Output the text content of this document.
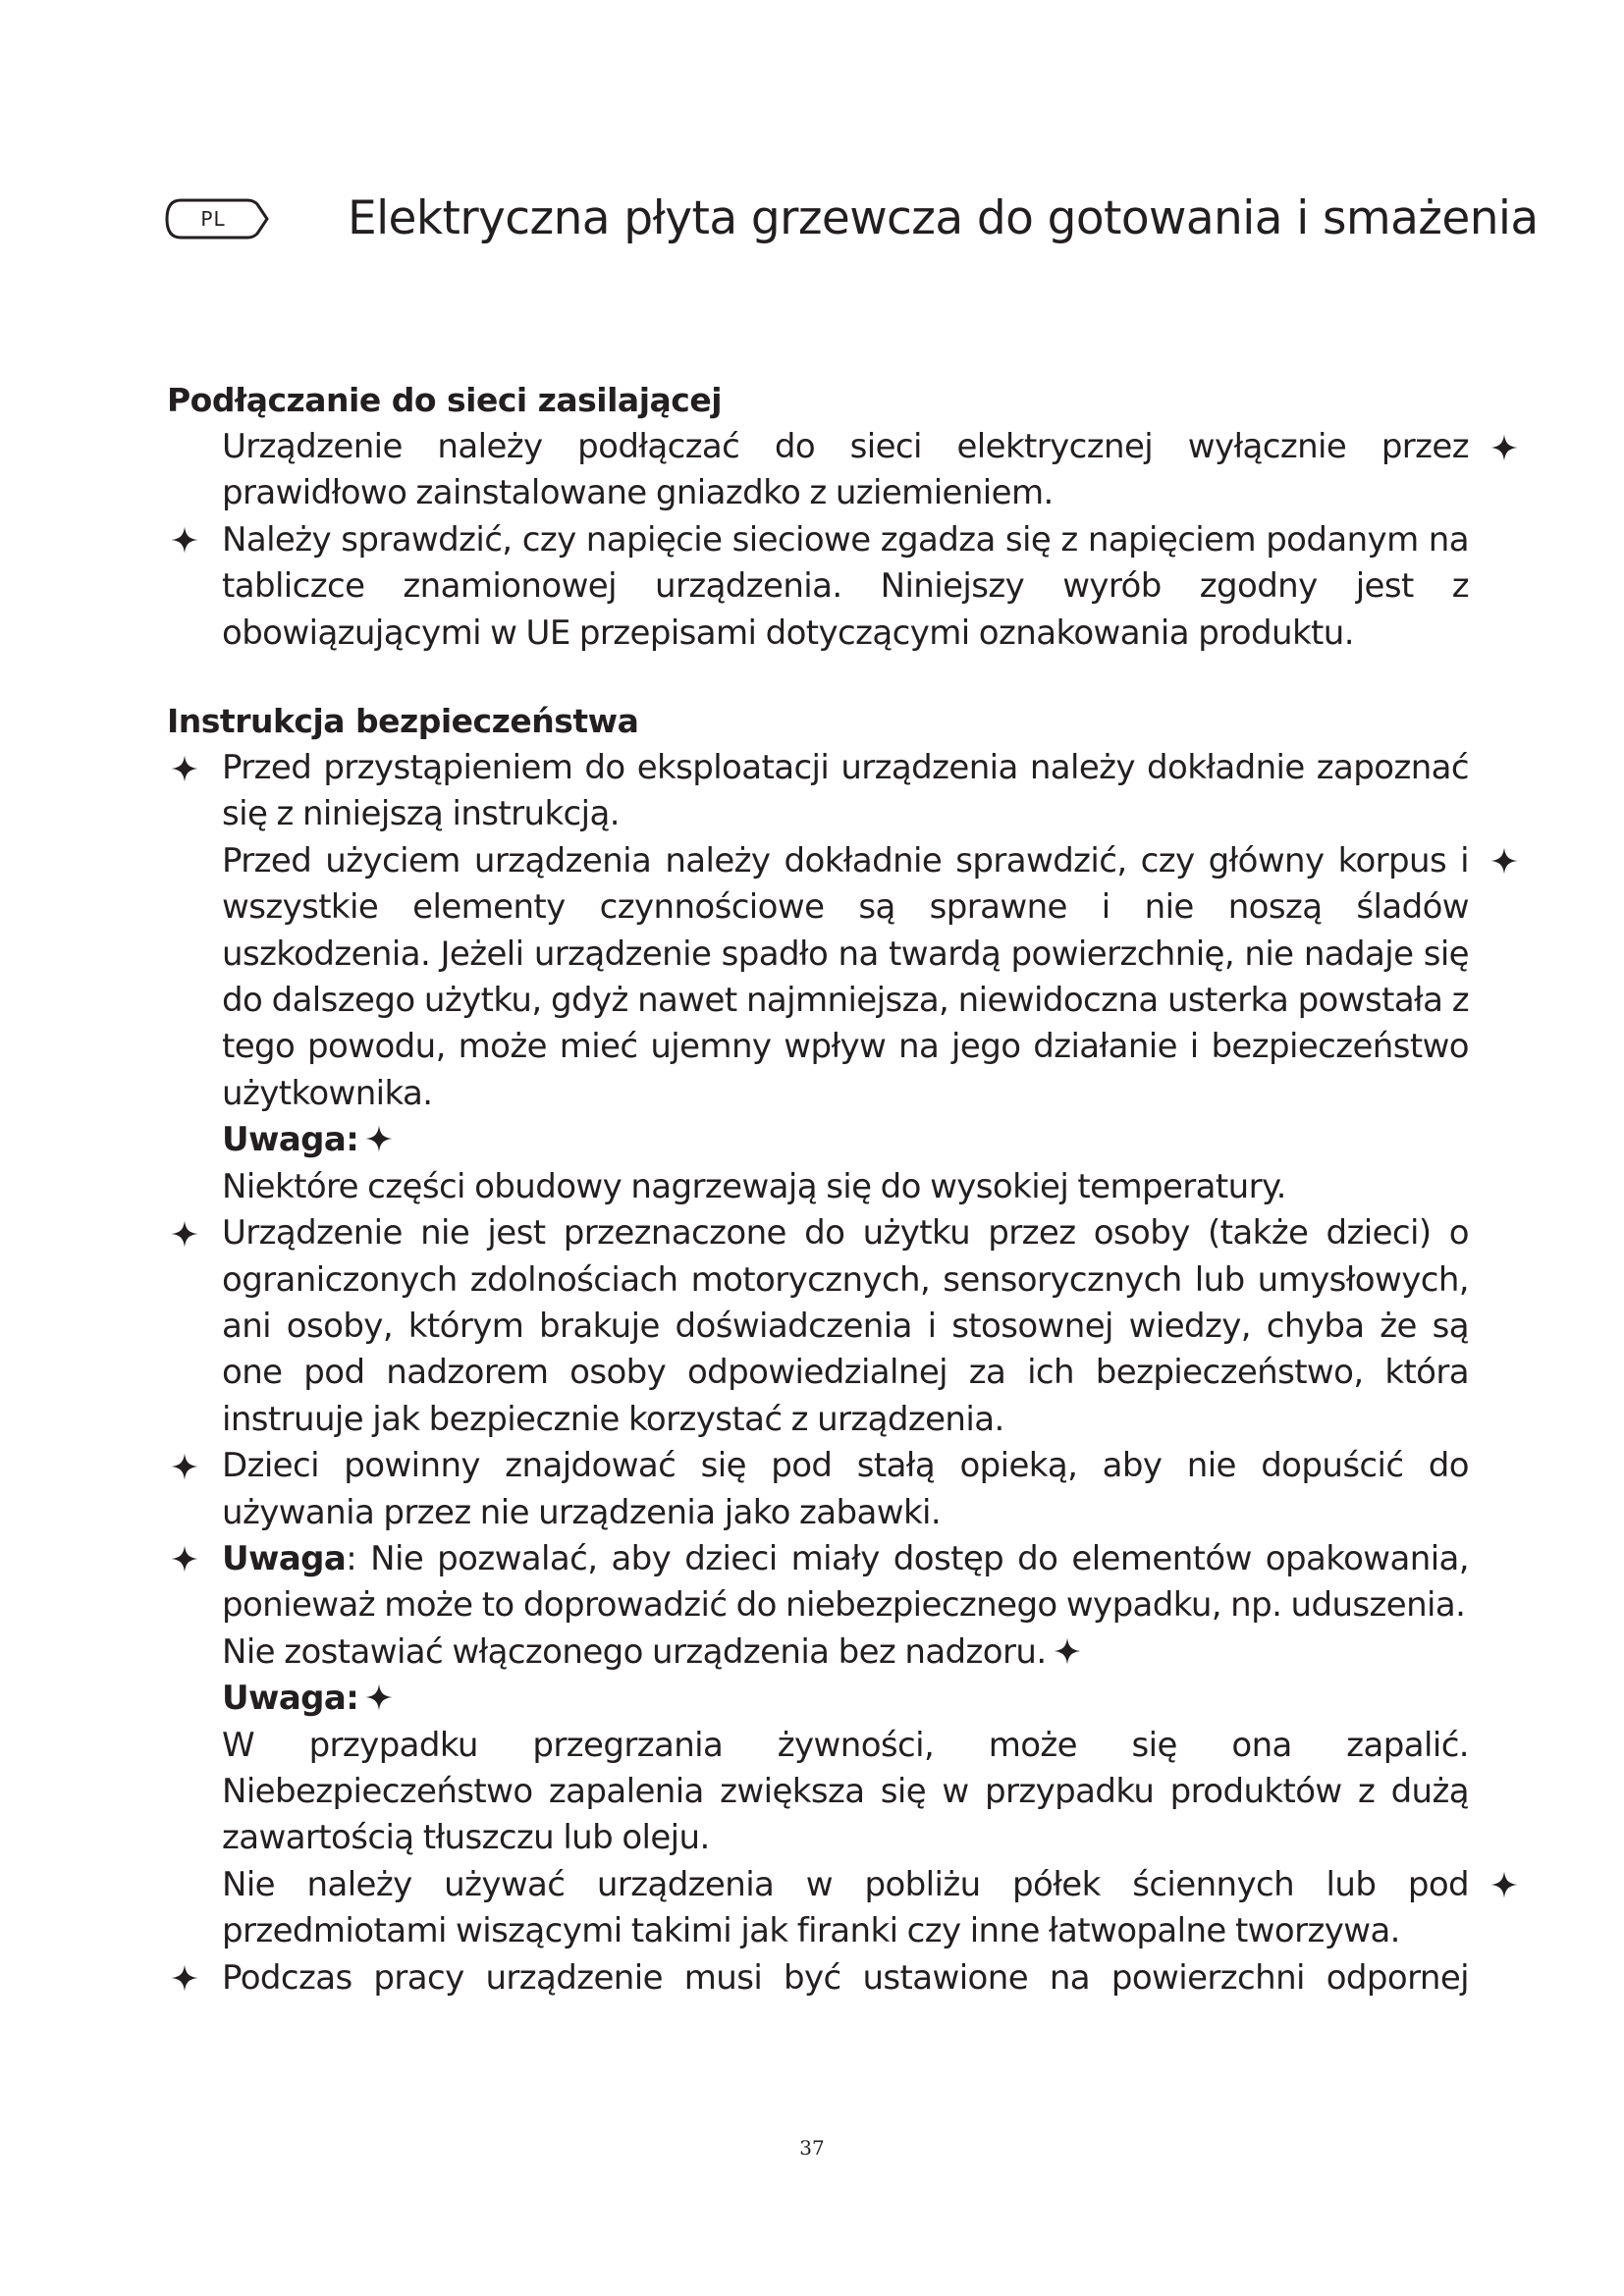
PL	Elektryczna płyta grzewcza do gotowania i smażenia
Podłączanie do sieci zasilającej
Urządzenie należy podłączać do sieci elektrycznej wyłącznie przez prawidłowo zainstalowane gniazdko z uziemieniem.
Należy sprawdzić, czy napięcie sieciowe zgadza się z napięciem podanym na tabliczce znamionowej urządzenia. Niniejszy wyrób zgodny jest z obowiązującymi w UE przepisami dotyczącymi oznakowania produktu.
Instrukcja bezpieczeństwa
Przed przystąpieniem do eksploatacji urządzenia należy dokładnie zapoznać się z niniejszą instrukcją.
Przed użyciem urządzenia należy dokładnie sprawdzić, czy główny korpus i wszystkie elementy czynnościowe są sprawne i nie noszą śladów uszkodzenia. Jeżeli urządzenie spadło na twardą powierzchnię, nie nadaje się do dalszego użytku, gdyż nawet najmniejsza, niewidoczna usterka powstała z tego powodu, może mieć ujemny wpływ na jego działanie i bezpieczeństwo użytkownika.
Uwaga:
Niektóre części obudowy nagrzewają się do wysokiej temperatury.
Urządzenie nie jest przeznaczone do użytku przez osoby (także dzieci) o ograniczonych zdolnościach motorycznych, sensorycznych lub umysłowych, ani osoby, którym brakuje doświadczenia i stosownej wiedzy, chyba że są one pod nadzorem osoby odpowiedzialnej za ich bezpieczeństwo, która instruuje jak bezpiecznie korzystać z urządzenia.
Dzieci powinny znajdować się pod stałą opieką, aby nie dopuścić do używania przez nie urządzenia jako zabawki.
Uwaga: Nie pozwalać, aby dzieci miały dostęp do elementów opakowania, ponieważ może to doprowadzić do niebezpiecznego wypadku, np. uduszenia.
Nie zostawiać włączonego urządzenia bez nadzoru.
Uwaga:
W przypadku przegrzania żywności, może się ona zapalić. Niebezpieczeństwo zapalenia zwiększa się w przypadku produktów z dużą zawartością tłuszczu lub oleju.
Nie należy używać urządzenia w pobliżu półek ściennych lub pod przedmiotami wiszącymi takimi jak firanki czy inne łatwopalne tworzywa.
Podczas pracy urządzenie musi być ustawione na powierzchni odpornej
37
